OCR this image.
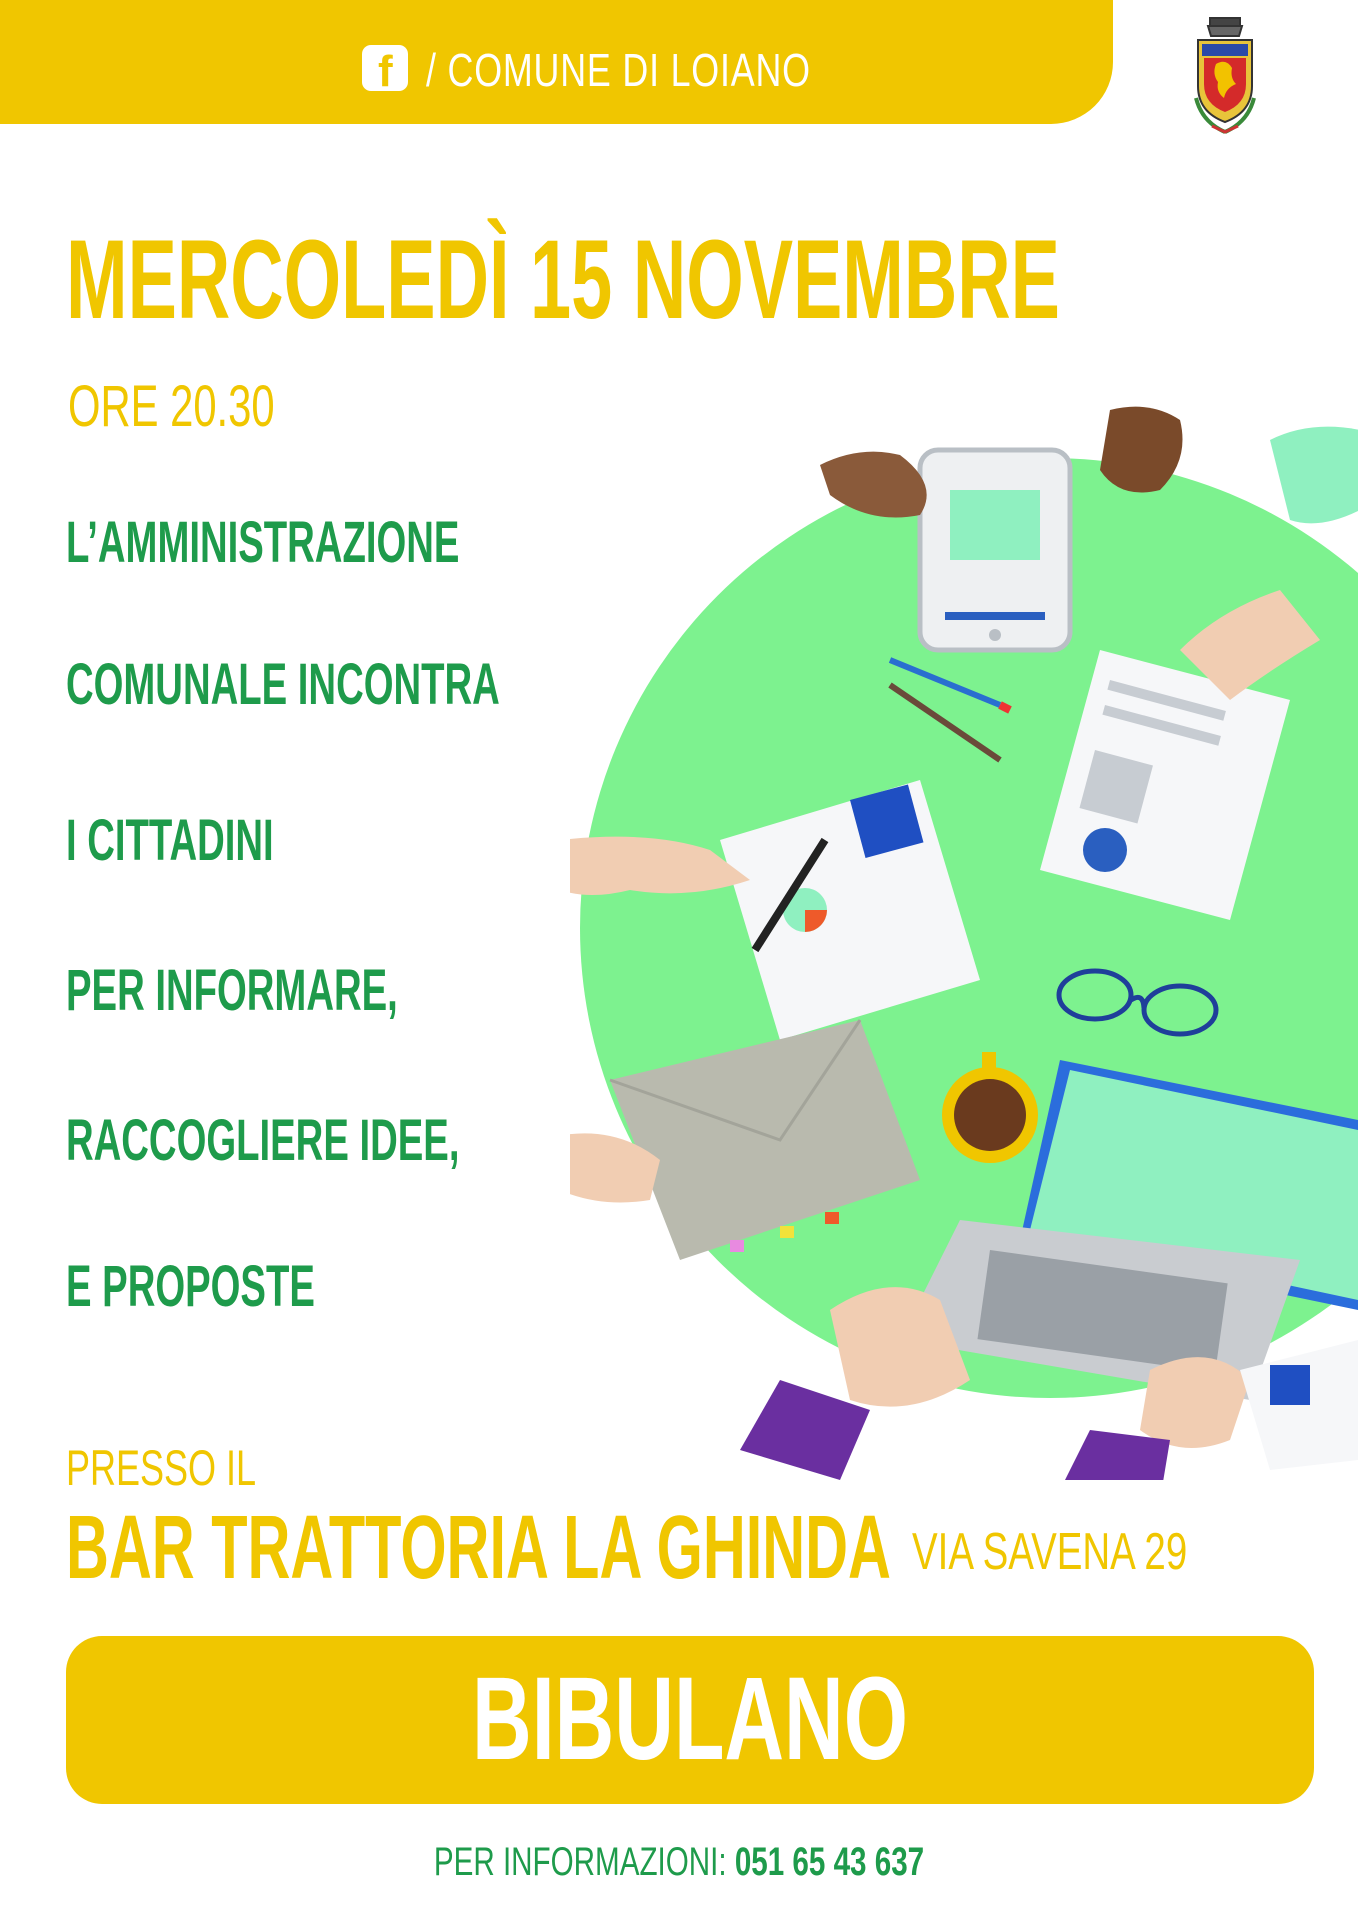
f / COMUNE DI LOIANO
MERCOLEDÌ 15 NOVEMBRE
ORE 20.30
L’AMMINISTRAZIONE
COMUNALE INCONTRA
I CITTADINI
PER INFORMARE,
RACCOGLIERE IDEE,
E PROPOSTE
PRESSO IL
BAR TRATTORIA LA GHINDA VIA SAVENA 29
BIBULANO
PER INFORMAZIONI: 051 65 43 637
